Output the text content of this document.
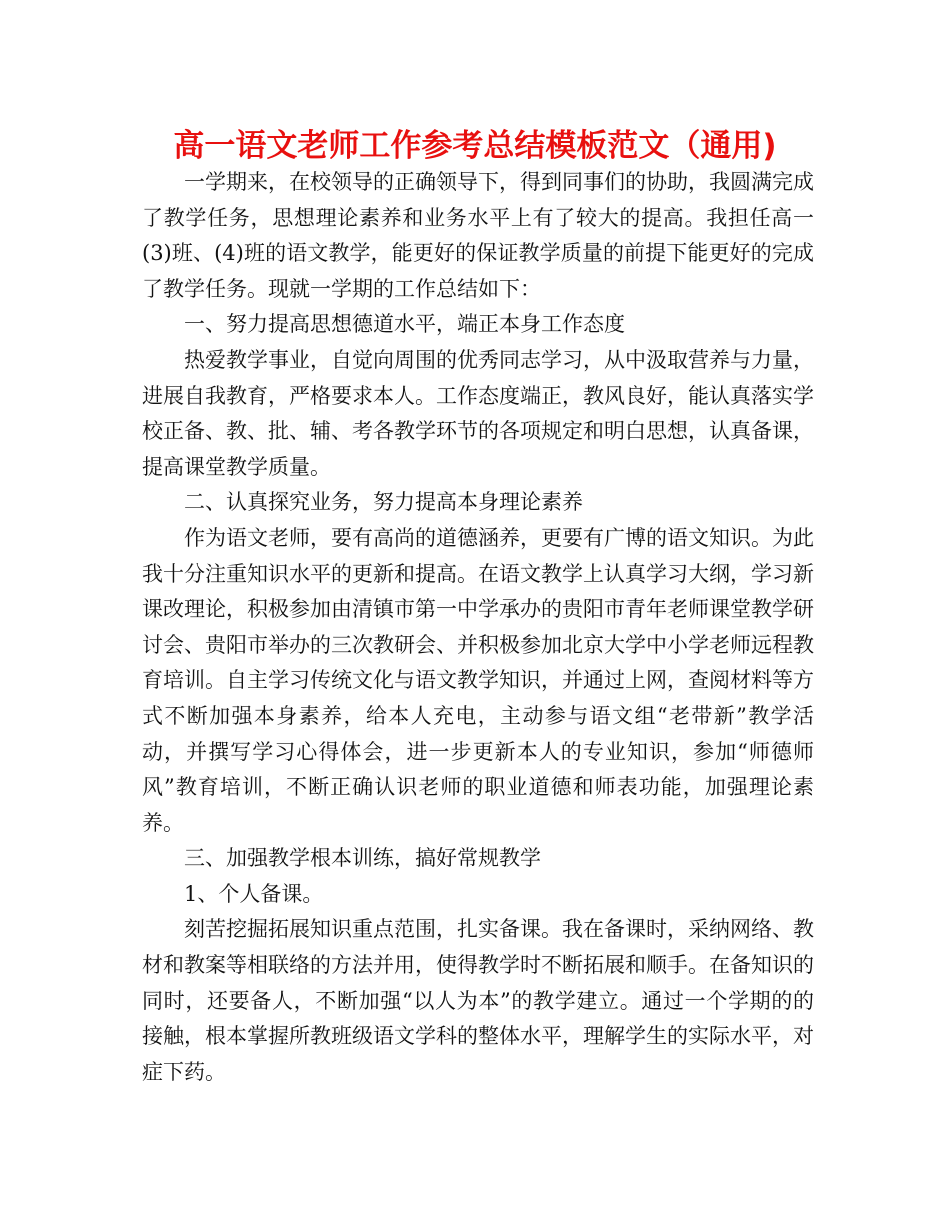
高一语文老师工作参考总结模板范文（通用)

一学期来，在校领导的正确领导下，得到同事们的协助，我圆满完成了教学任务，思想理论素养和业务水平上有了较大的提高。我担任高一(3)班、(4)班的语文教学，能更好的保证教学质量的前提下能更好的完成了教学任务。现就一学期的工作总结如下：

一、努力提高思想德道水平，端正本身工作态度

热爱教学事业，自觉向周围的优秀同志学习，从中汲取营养与力量，进展自我教育，严格要求本人。工作态度端正，教风良好，能认真落实学校正备、教、批、辅、考各教学环节的各项规定和明白思想，认真备课，提高课堂教学质量。

二、认真探究业务，努力提高本身理论素养

作为语文老师，要有高尚的道德涵养，更要有广博的语文知识。为此我十分注重知识水平的更新和提高。在语文教学上认真学习大纲，学习新课改理论，积极参加由清镇市第一中学承办的贵阳市青年老师课堂教学研讨会、贵阳市举办的三次教研会、并积极参加北京大学中小学老师远程教育培训。自主学习传统文化与语文教学知识，并通过上网，查阅材料等方式不断加强本身素养，给本人充电，主动参与语文组“老带新”教学活动，并撰写学习心得体会，进一步更新本人的专业知识，参加“师德师风”教育培训，不断正确认识老师的职业道德和师表功能，加强理论素养。

三、加强教学根本训练，搞好常规教学

1、个人备课。

刻苦挖掘拓展知识重点范围，扎实备课。我在备课时，采纳网络、教材和教案等相联络的方法并用，使得教学时不断拓展和顺手。在备知识的同时，还要备人，不断加强“以人为本”的教学建立。通过一个学期的的接触，根本掌握所教班级语文学科的整体水平，理解学生的实际水平，对症下药。
